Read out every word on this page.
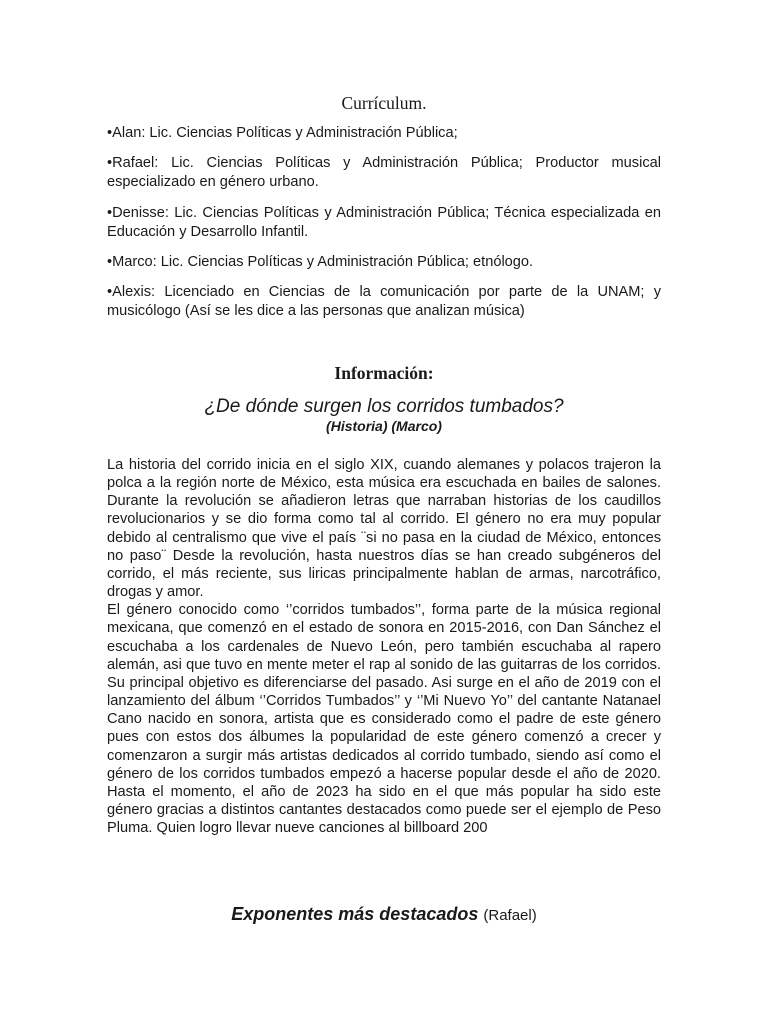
Currículum.

•Alan: Lic. Ciencias Políticas y Administración Pública;

•Rafael: Lic. Ciencias Políticas y Administración Pública; Productor musical especializado en género urbano.

•Denisse: Lic. Ciencias Políticas y Administración Pública; Técnica especializada en Educación y Desarrollo Infantil.

•Marco: Lic. Ciencias Políticas y Administración Pública; etnólogo.

•Alexis: Licenciado en Ciencias de la comunicación por parte de la UNAM; y musicólogo (Así se les dice a las personas que analizan música)

Información:
¿De dónde surgen los corridos tumbados?
(Historia) (Marco)

La historia del corrido inicia en el siglo XIX, cuando alemanes y polacos trajeron la polca a la región norte de México, esta música era escuchada en bailes de salones. Durante la revolución se añadieron letras que narraban historias de los caudillos revolucionarios y se dio forma como tal al corrido. El género no era muy popular debido al centralismo que vive el país ¨si no pasa en la ciudad de México, entonces no paso¨ Desde la revolución, hasta nuestros días se han creado subgéneros del corrido, el más reciente, sus liricas principalmente hablan de armas, narcotráfico, drogas y amor.

El género conocido como ‘’corridos tumbados’’, forma parte de la música regional mexicana, que comenzó en el estado de sonora en 2015-2016, con Dan Sánchez el escuchaba a los cardenales de Nuevo León, pero también escuchaba al rapero alemán, asi que tuvo en mente meter el rap al sonido de las guitarras de los corridos. Su principal objetivo es diferenciarse del pasado. Asi surge en el año de 2019 con el lanzamiento del álbum ‘’Corridos Tumbados’’ y ‘’Mi Nuevo Yo’’ del cantante Natanael Cano nacido en sonora, artista que es considerado como el padre de este género pues con estos dos álbumes la popularidad de este género comenzó a crecer y comenzaron a surgir más artistas dedicados al corrido tumbado, siendo así como el género de los corridos tumbados empezó a hacerse popular desde el año de 2020. Hasta el momento, el año de 2023 ha sido en el que más popular ha sido este género gracias a distintos cantantes destacados como puede ser el ejemplo de Peso Pluma. Quien logro llevar nueve canciones al billboard 200

Exponentes más destacados (Rafael)
